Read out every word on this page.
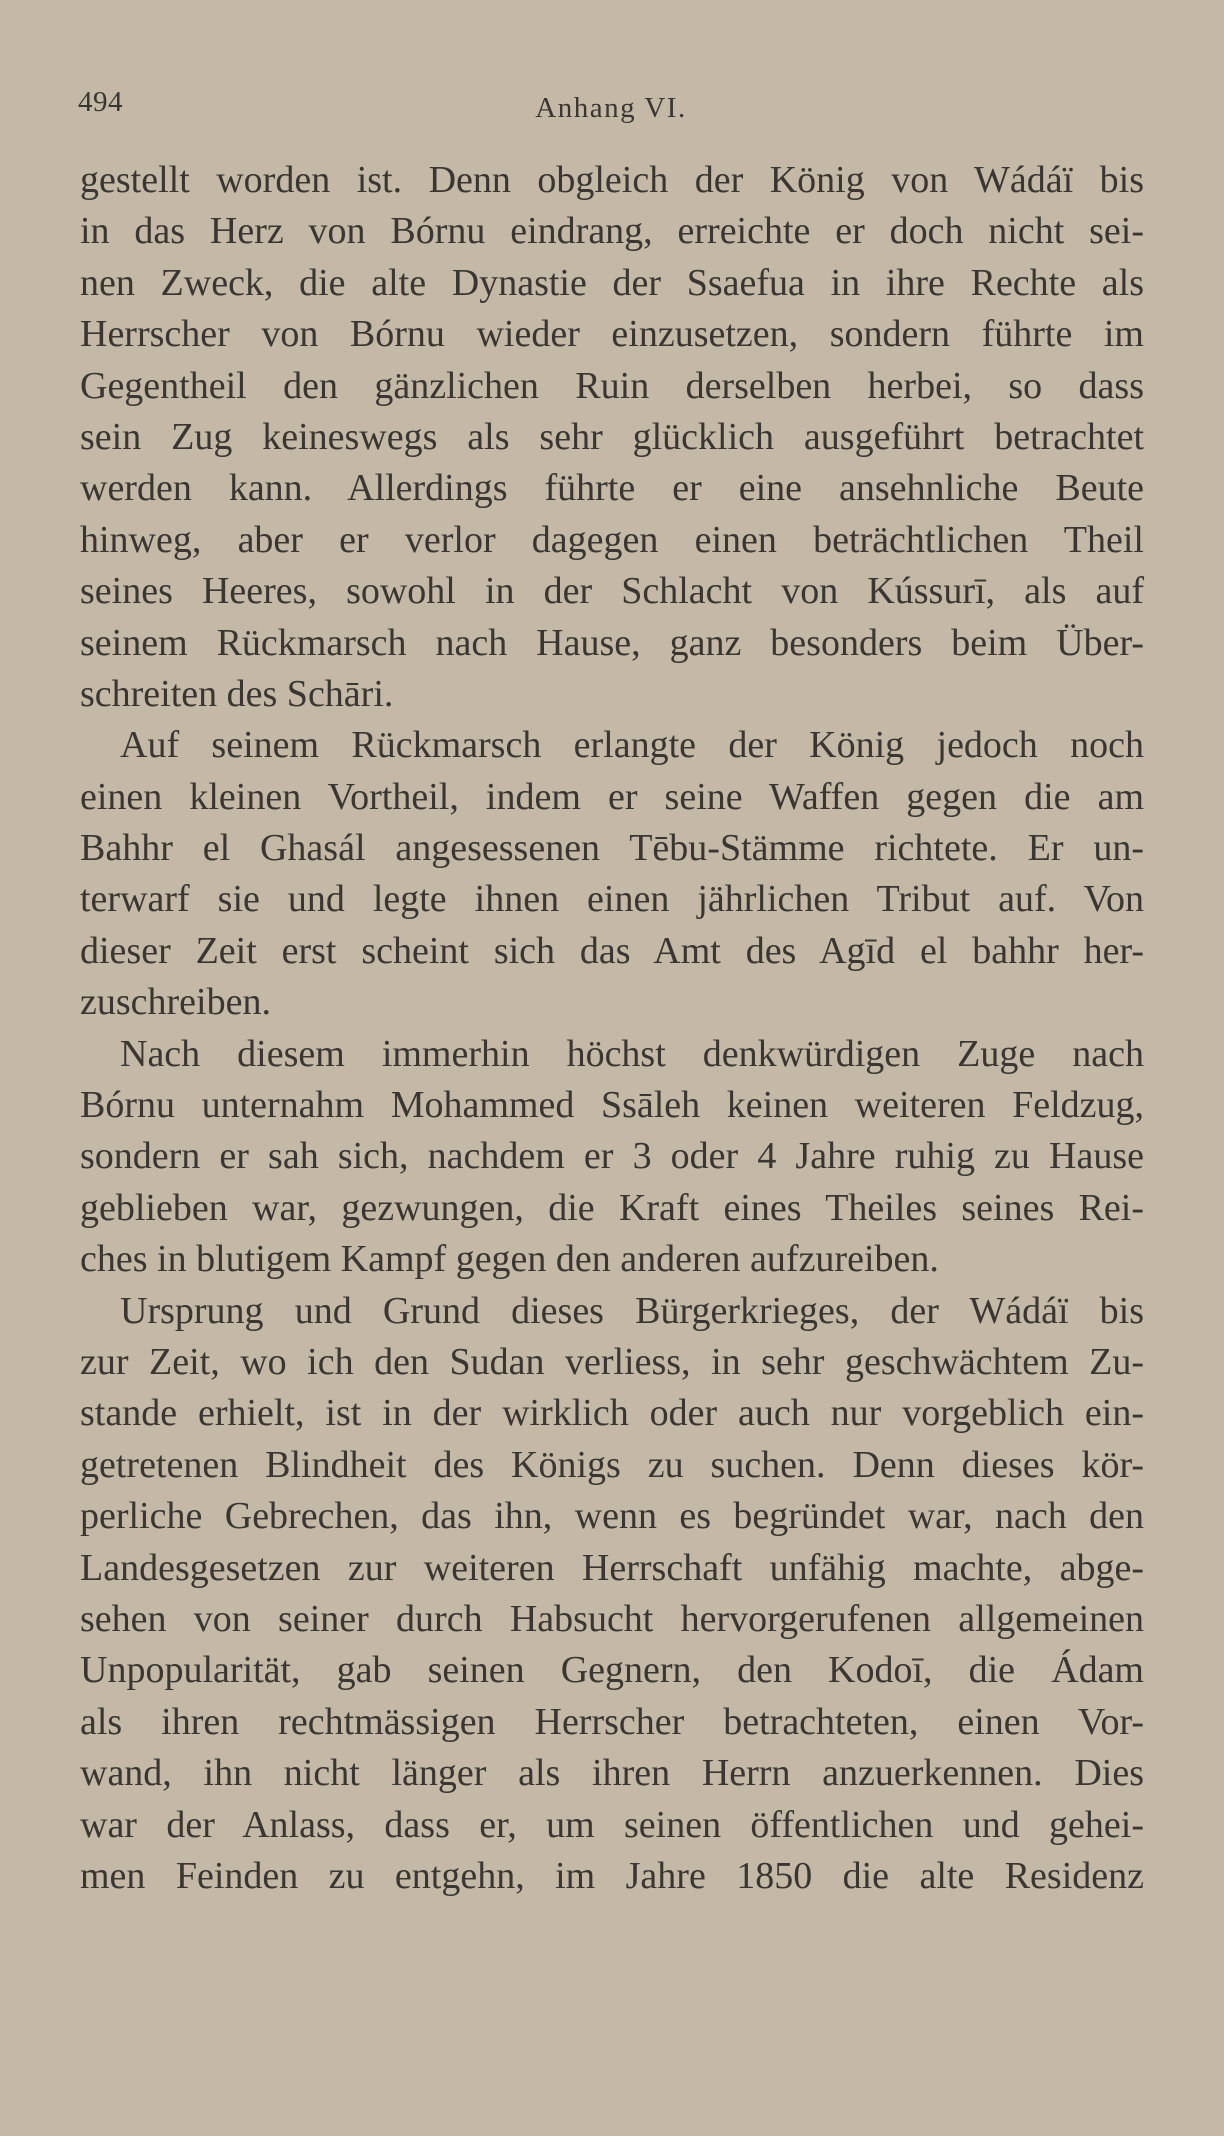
494	Anhang VI.
gestellt worden ist. Denn obgleich der König von Wádáï bis
in das Herz von Bórnu eindrang, erreichte er doch nicht sei-
nen Zweck, die alte Dynastie der Ssaefua in ihre Rechte als
Herrscher von Bórnu wieder einzusetzen, sondern führte im
Gegentheil den gänzlichen Ruin derselben herbei, so dass
sein Zug keineswegs als sehr glücklich ausgeführt betrachtet
werden kann. Allerdings führte er eine ansehnliche Beute
hinweg, aber er verlor dagegen einen beträchtlichen Theil
seines Heeres, sowohl in der Schlacht von Kússurī, als auf
seinem Rückmarsch nach Hause, ganz besonders beim Über-
schreiten des Schāri.
Auf seinem Rückmarsch erlangte der König jedoch noch
einen kleinen Vortheil, indem er seine Waffen gegen die am
Bahhr el Ghasál angesessenen Tēbu-Stämme richtete. Er un-
terwarf sie und legte ihnen einen jährlichen Tribut auf. Von
dieser Zeit erst scheint sich das Amt des Agīd el bahhr her-
zuschreiben.
Nach diesem immerhin höchst denkwürdigen Zuge nach
Bórnu unternahm Mohammed Ssāleh keinen weiteren Feldzug,
sondern er sah sich, nachdem er 3 oder 4 Jahre ruhig zu Hause
geblieben war, gezwungen, die Kraft eines Theiles seines Rei-
ches in blutigem Kampf gegen den anderen aufzureiben.
Ursprung und Grund dieses Bürgerkrieges, der Wádáï bis
zur Zeit, wo ich den Sudan verliess, in sehr geschwächtem Zu-
stande erhielt, ist in der wirklich oder auch nur vorgeblich ein-
getretenen Blindheit des Königs zu suchen. Denn dieses kör-
perliche Gebrechen, das ihn, wenn es begründet war, nach den
Landesgesetzen zur weiteren Herrschaft unfähig machte, abge-
sehen von seiner durch Habsucht hervorgerufenen allgemeinen
Unpopularität, gab seinen Gegnern, den Kodoī, die Ádam
als ihren rechtmässigen Herrscher betrachteten, einen Vor-
wand, ihn nicht länger als ihren Herrn anzuerkennen. Dies
war der Anlass, dass er, um seinen öffentlichen und gehei-
men Feinden zu entgehn, im Jahre 1850 die alte Residenz
